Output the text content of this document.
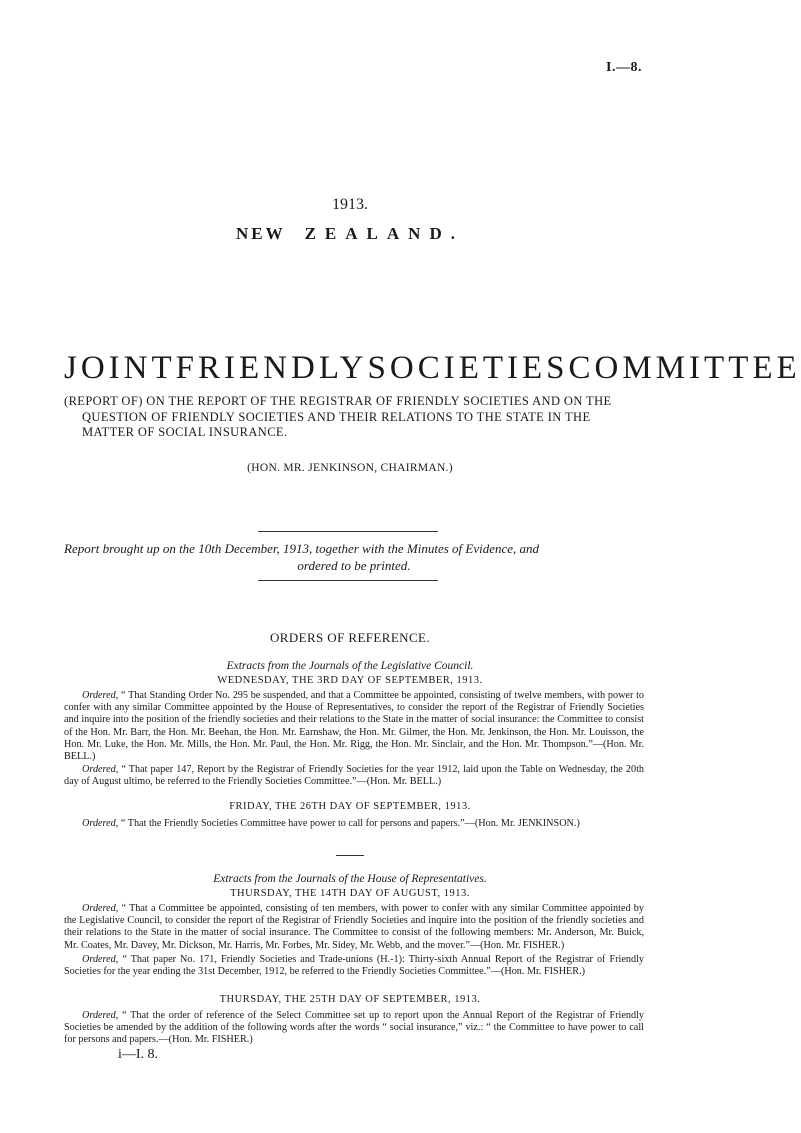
I.—8.
1913.
NEW ZEALAND.
JOINT FRIENDLY SOCIETIES COMMITTEE
(REPORT OF) ON THE REPORT OF THE REGISTRAR OF FRIENDLY SOCIETIES AND ON THE
QUESTION OF FRIENDLY SOCIETIES AND THEIR RELATIONS TO THE STATE IN THE
MATTER OF SOCIAL INSURANCE.
(HON. MR. JENKINSON, CHAIRMAN.)
Report brought up on the 10th December, 1913, together with the Minutes of Evidence, and
ordered to be printed.
ORDERS OF REFERENCE.
Extracts from the Journals of the Legislative Council.
WEDNESDAY, THE 3RD DAY OF SEPTEMBER, 1913.
Ordered, “ That Standing Order No. 295 be suspended, and that a Committee be appointed, consisting of twelve members, with power to confer with any similar Committee appointed by the House of Representatives, to consider the report of the Registrar of Friendly Societies and inquire into the position of the friendly societies and their relations to the State in the matter of social insurance: the Committee to consist of the Hon. Mr. Barr, the Hon. Mr. Beehan, the Hon. Mr. Earnshaw, the Hon. Mr. Gilmer, the Hon. Mr. Jenkinson, the Hon. Mr. Louisson, the Hon. Mr. Luke, the Hon. Mr. Mills, the Hon. Mr. Paul, the Hon. Mr. Rigg, the Hon. Mr. Sinclair, and the Hon. Mr. Thompson.”—(Hon. Mr. BELL.)
Ordered, “ That paper 147, Report by the Registrar of Friendly Societies for the year 1912, laid upon the Table on Wednesday, the 20th day of August ultimo, be referred to the Friendly Societies Committee.”—(Hon. Mr. BELL.)
FRIDAY, THE 26TH DAY OF SEPTEMBER, 1913.
Ordered, “ That the Friendly Societies Committee have power to call for persons and papers.”—(Hon. Mr. JENKINSON.)
Extracts from the Journals of the House of Representatives.
THURSDAY, THE 14TH DAY OF AUGUST, 1913.
Ordered, “ That a Committee be appointed, consisting of ten members, with power to confer with any similar Committee appointed by the Legislative Council, to consider the report of the Registrar of Friendly Societies and inquire into the position of the friendly societies and their relations to the State in the matter of social insurance. The Committee to consist of the following members: Mr. Anderson, Mr. Buick, Mr. Coates, Mr. Davey, Mr. Dickson, Mr. Harris, Mr. Forbes, Mr. Sidey, Mr. Webb, and the mover.”—(Hon. Mr. FISHER.)
Ordered, “ That paper No. 171, Friendly Societies and Trade-unions (H.-1): Thirty-sixth Annual Report of the Registrar of Friendly Societies for the year ending the 31st December, 1912, be referred to the Friendly Societies Committee.”—(Hon. Mr. FISHER.)
THURSDAY, THE 25TH DAY OF SEPTEMBER, 1913.
Ordered, “ That the order of reference of the Select Committee set up to report upon the Annual Report of the Registrar of Friendly Societies be amended by the addition of the following words after the words “ social insurance,” viz.: “ the Committee to have power to call for persons and papers.—(Hon. Mr. FISHER.)
i—I. 8.
